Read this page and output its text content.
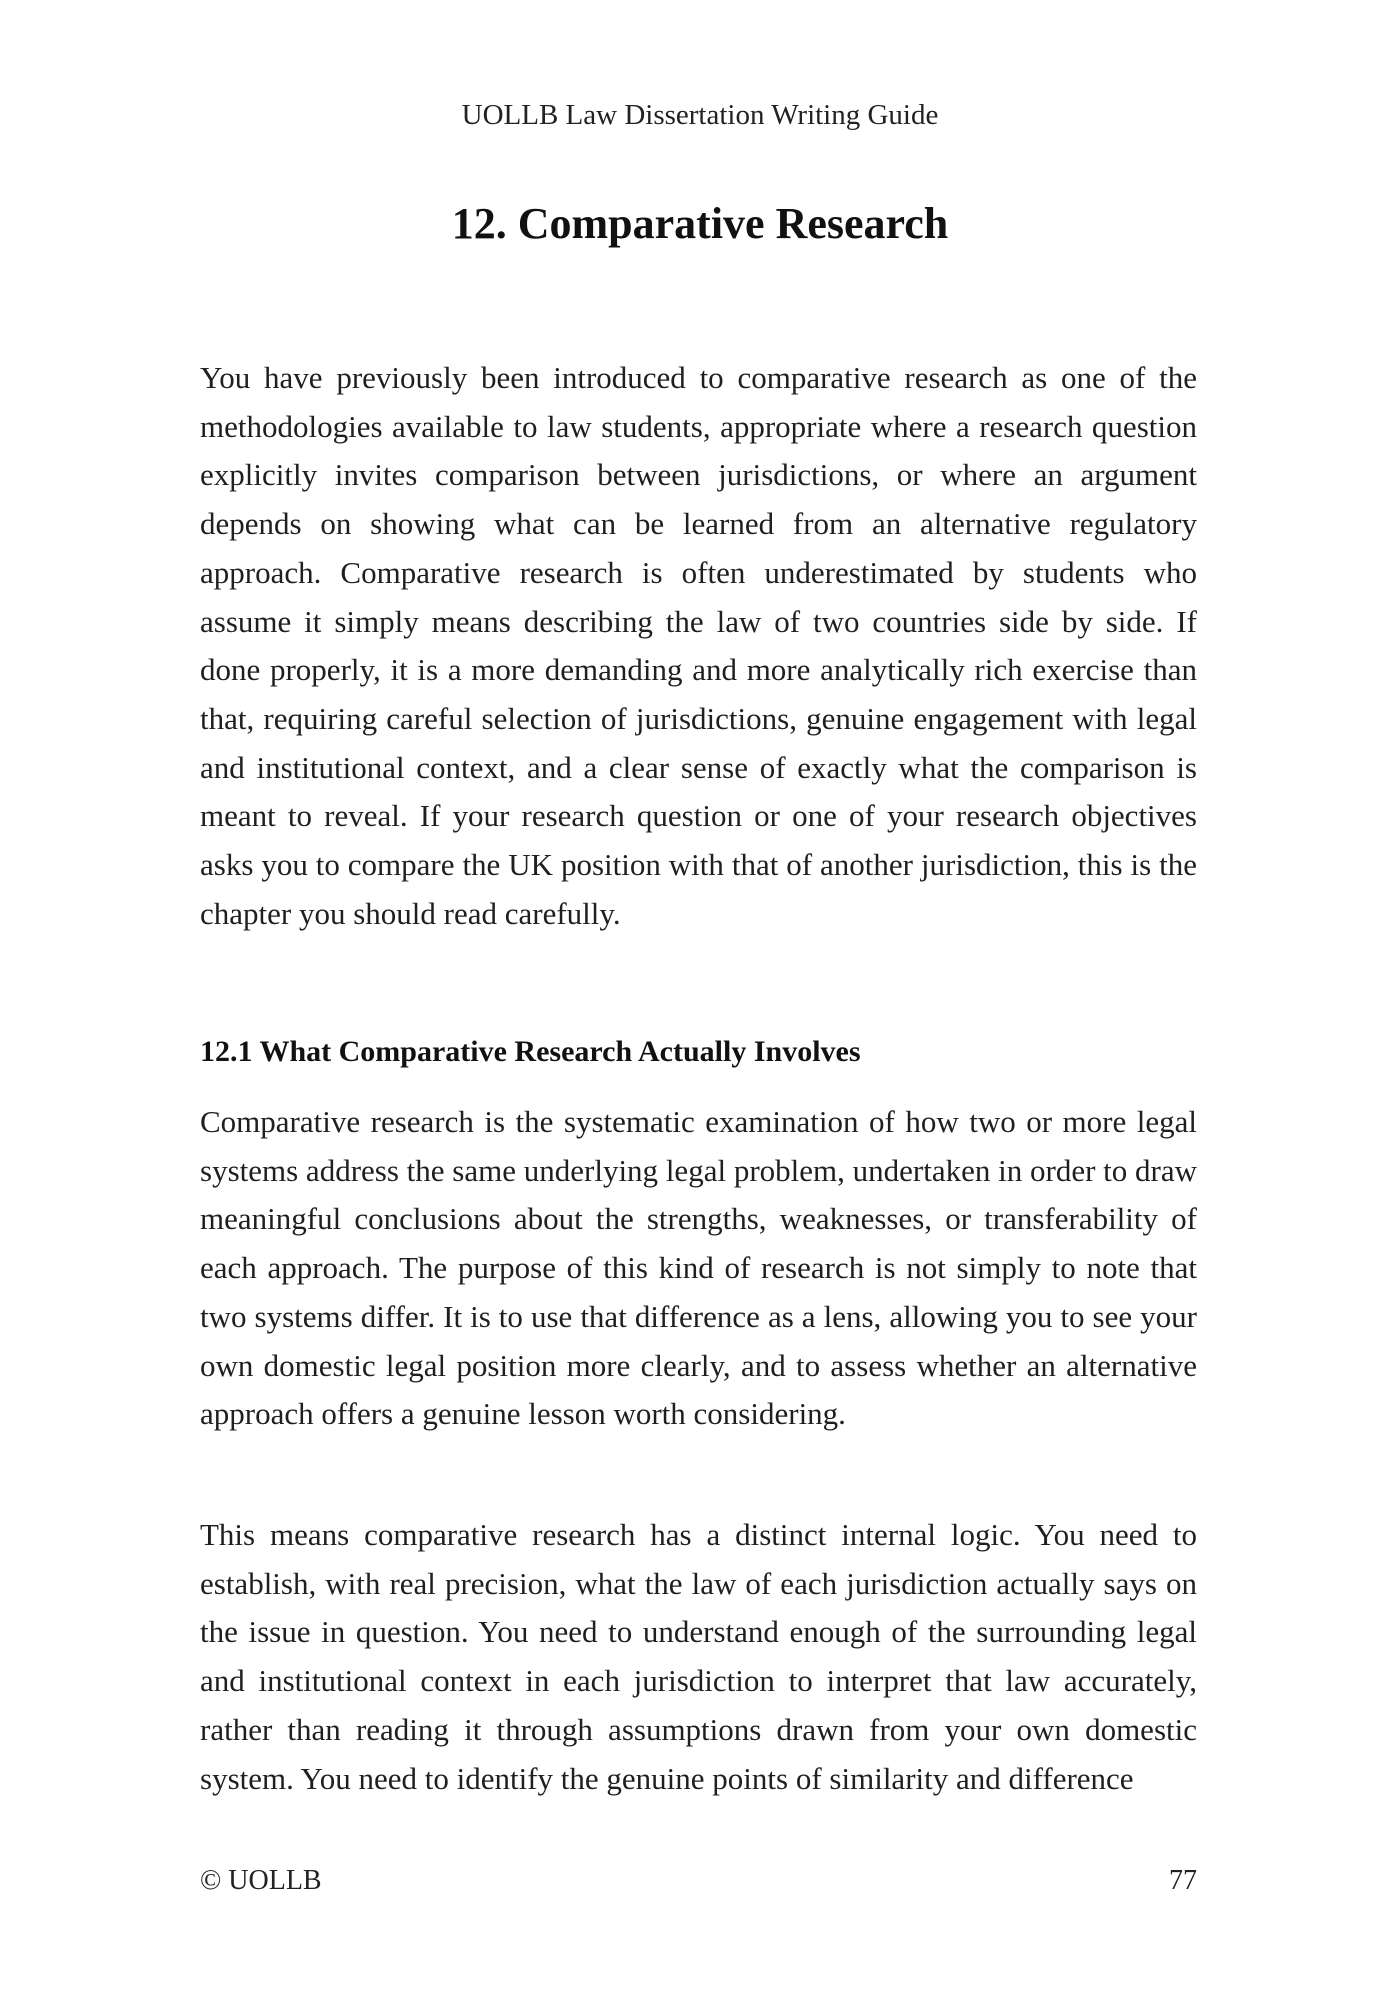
UOLLB Law Dissertation Writing Guide
12. Comparative Research

You have previously been introduced to comparative research as one of the methodologies available to law students, appropriate where a research question explicitly invites comparison between jurisdictions, or where an argument depends on showing what can be learned from an alternative regulatory approach. Comparative research is often underestimated by students who assume it simply means describing the law of two countries side by side. If done properly, it is a more demanding and more analytically rich exercise than that, requiring careful selection of jurisdictions, genuine engagement with legal and institutional context, and a clear sense of exactly what the comparison is meant to reveal. If your research question or one of your research objectives asks you to compare the UK position with that of another jurisdiction, this is the chapter you should read carefully.

12.1 What Comparative Research Actually Involves

Comparative research is the systematic examination of how two or more legal systems address the same underlying legal problem, undertaken in order to draw meaningful conclusions about the strengths, weaknesses, or transferability of each approach. The purpose of this kind of research is not simply to note that two systems differ. It is to use that difference as a lens, allowing you to see your own domestic legal position more clearly, and to assess whether an alternative approach offers a genuine lesson worth considering.

This means comparative research has a distinct internal logic. You need to establish, with real precision, what the law of each jurisdiction actually says on the issue in question. You need to understand enough of the surrounding legal and institutional context in each jurisdiction to interpret that law accurately, rather than reading it through assumptions drawn from your own domestic system. You need to identify the genuine points of similarity and difference

© UOLLB	77
